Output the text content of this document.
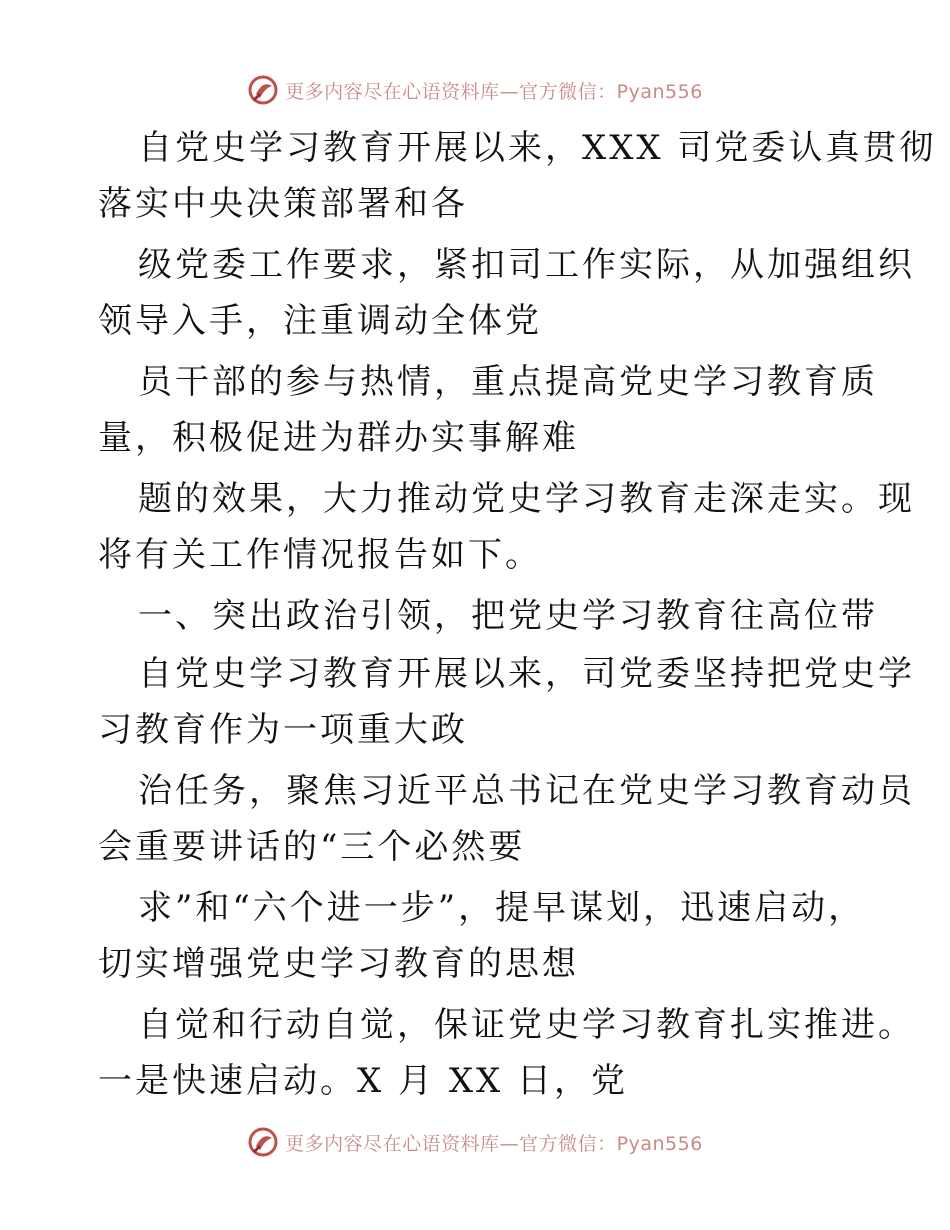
更多内容尽在心语资料库—官方微信：Pyan556
自党史学习教育开展以来，XXX 司党委认真贯彻
落实中央决策部署和各
级党委工作要求，紧扣司工作实际，从加强组织
领导入手，注重调动全体党
员干部的参与热情，重点提高党史学习教育质
量，积极促进为群办实事解难
题的效果，大力推动党史学习教育走深走实。现
将有关工作情况报告如下。
一、突出政治引领，把党史学习教育往高位带
自党史学习教育开展以来，司党委坚持把党史学
习教育作为一项重大政
治任务，聚焦习近平总书记在党史学习教育动员
会重要讲话的“三个必然要
求”和“六个进一步”，提早谋划，迅速启动，
切实增强党史学习教育的思想
自觉和行动自觉，保证党史学习教育扎实推进。
一是快速启动。X 月 XX 日，党
更多内容尽在心语资料库—官方微信：Pyan556
